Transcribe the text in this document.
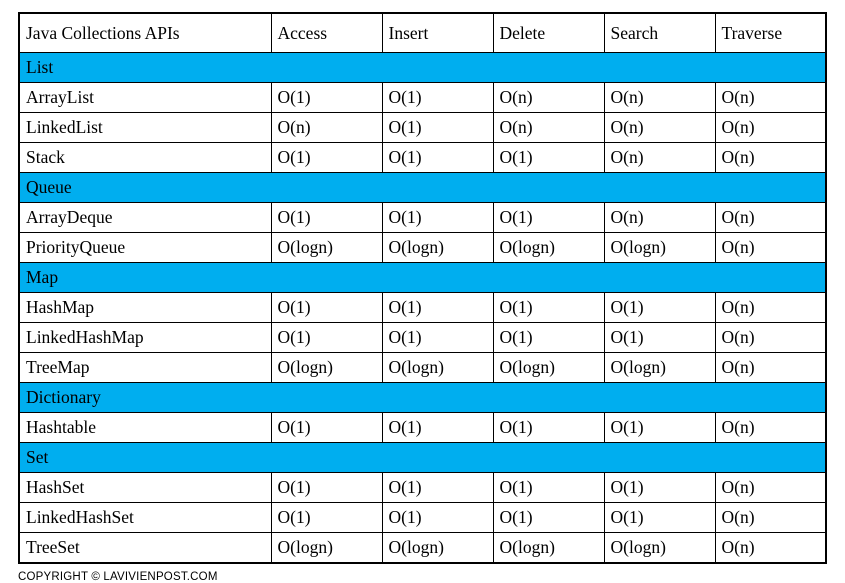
Java Collections APIs	Access	Insert	Delete	Search	Traverse
List					
ArrayList	O(1)	O(1)	O(n)	O(n)	O(n)
LinkedList	O(n)	O(1)	O(n)	O(n)	O(n)
Stack	O(1)	O(1)	O(1)	O(n)	O(n)
Queue					
ArrayDeque	O(1)	O(1)	O(1)	O(n)	O(n)
PriorityQueue	O(logn)	O(logn)	O(logn)	O(logn)	O(n)
Map					
HashMap	O(1)	O(1)	O(1)	O(1)	O(n)
LinkedHashMap	O(1)	O(1)	O(1)	O(1)	O(n)
TreeMap	O(logn)	O(logn)	O(logn)	O(logn)	O(n)
Dictionary					
Hashtable	O(1)	O(1)	O(1)	O(1)	O(n)
Set					
HashSet	O(1)	O(1)	O(1)	O(1)	O(n)
LinkedHashSet	O(1)	O(1)	O(1)	O(1)	O(n)
TreeSet	O(logn)	O(logn)	O(logn)	O(logn)	O(n)
COPYRIGHT © LAVIVIENPOST.COM
